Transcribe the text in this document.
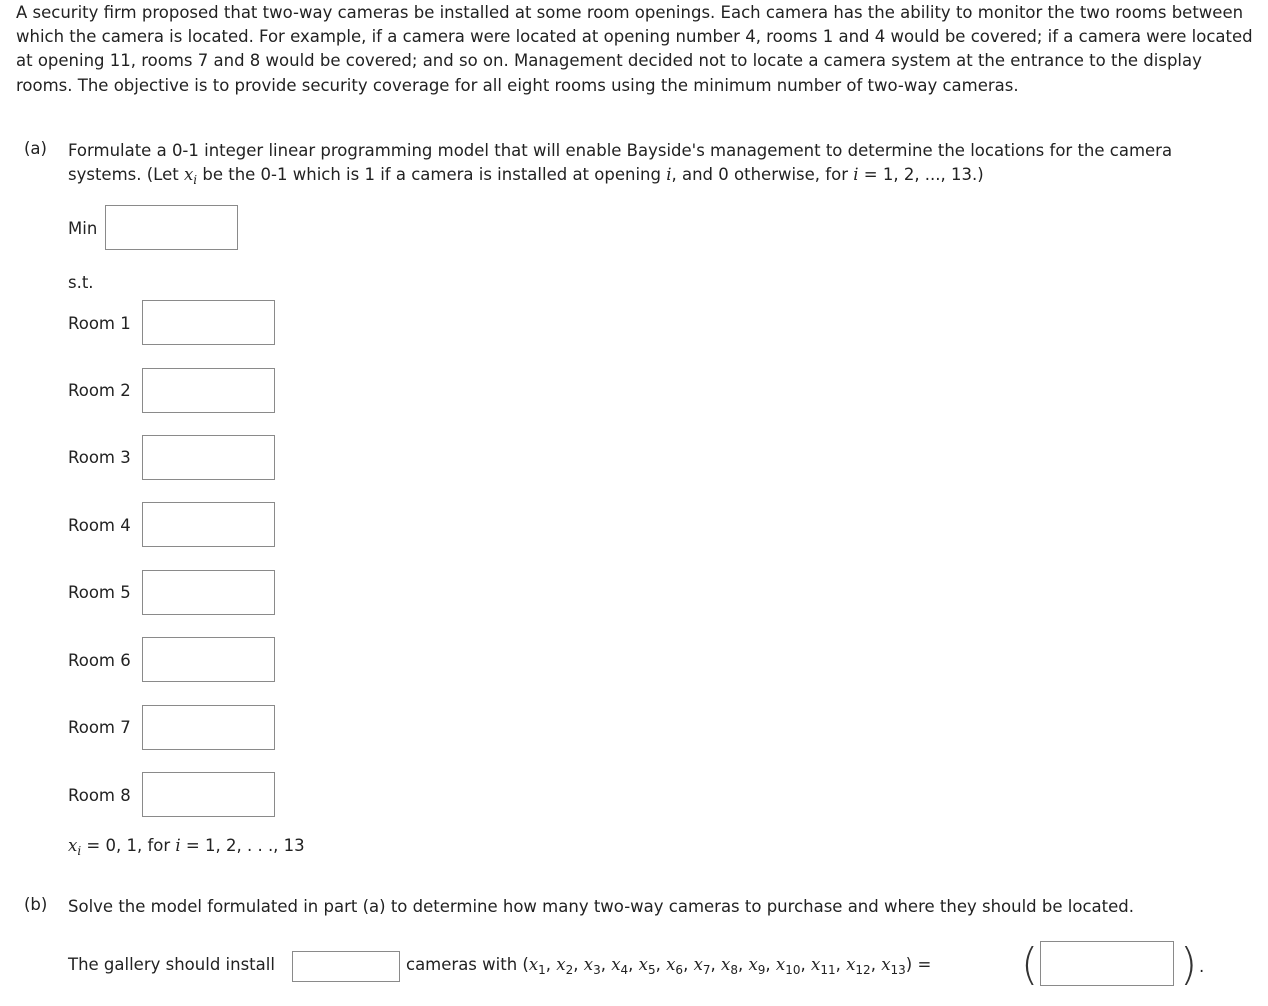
A security firm proposed that two-way cameras be installed at some room openings. Each camera has the ability to monitor the two rooms between which the camera is located. For example, if a camera were located at opening number 4, rooms 1 and 4 would be covered; if a camera were located at opening 11, rooms 7 and 8 would be covered; and so on. Management decided not to locate a camera system at the entrance to the display rooms. The objective is to provide security coverage for all eight rooms using the minimum number of two-way cameras.
(a) Formulate a 0-1 integer linear programming model that will enable Bayside's management to determine the locations for the camera systems. (Let $x_i$ be the 0-1 which is 1 if a camera is installed at opening i, and 0 otherwise, for i = 1, 2, ..., 13.)
Min
s.t.
Room 1
Room 2
Room 3
Room 4
Room 5
Room 6
Room 7
Room 8
$x_i = 0$, 1, for i = 1, 2, . . ., 13
(b) Solve the model formulated in part (a) to determine how many two-way cameras to purchase and where they should be located.
The gallery should install	cameras with ($x_1$, $x_2$, $x_3$, $x_4$, $x_5$, $x_6$, $x_7$, $x_8$, $x_9$, $x_{10}$, $x_{11}$, $x_{12}$, $x_{13}$) = (	) .
